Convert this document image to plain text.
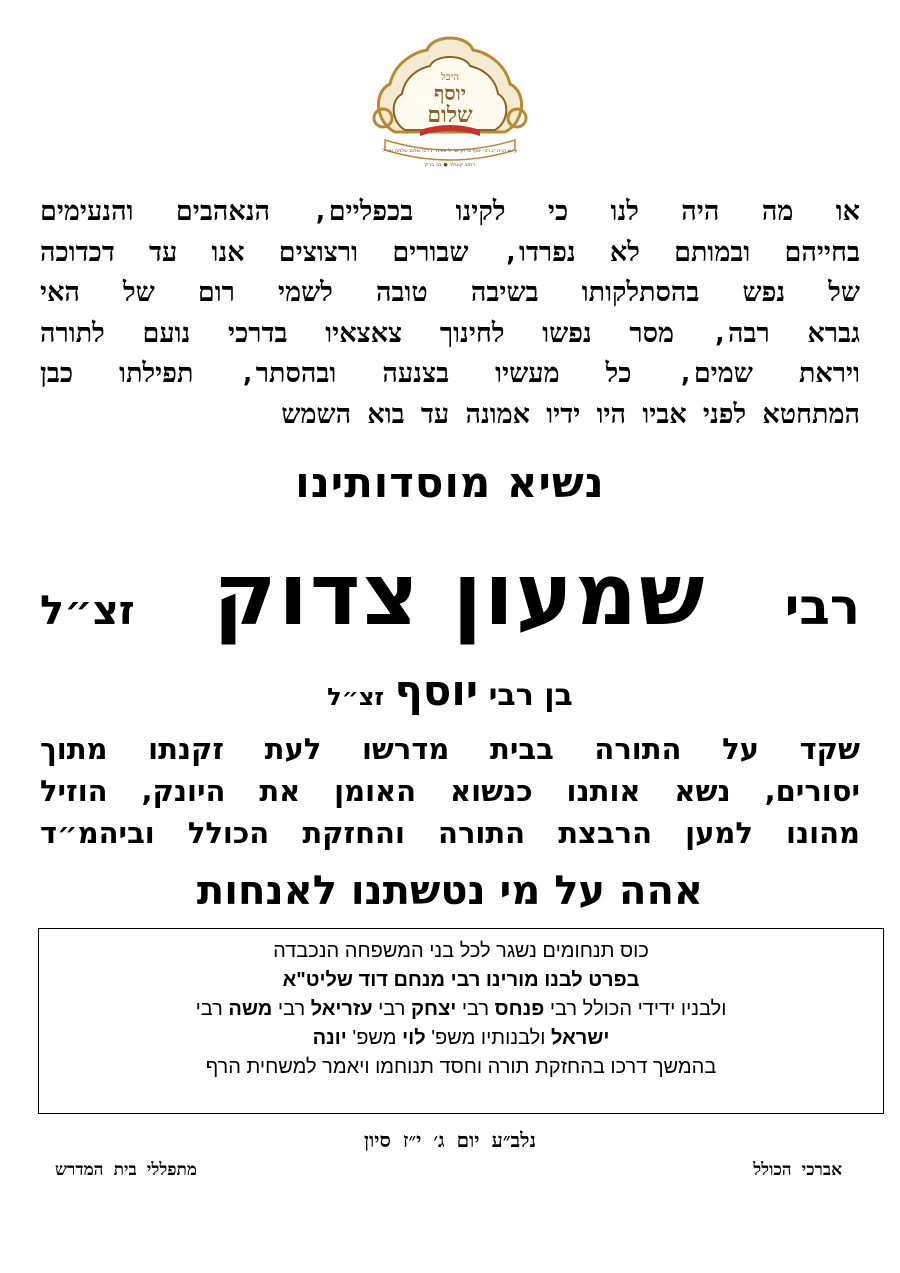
היכל
יוסף
שלום
ע״ש הרה״ג רבי יוסף צדוק זצ״ל והרה״ג רבי שלום שלמה זצ״ל
רחוב קוטלר ● בני ברק
או מה היה לנו כי לקינו בכפליים, הנאהבים והנעימים
בחייהם ובמותם לא נפרדו, שבורים ורצוצים אנו עד דכדוכה
של נפש בהסתלקותו בשיבה טובה לשמי רום של האי
גברא רבה, מסר נפשו לחינוך צאצאיו בדרכי נועם לתורה
ויראת שמים, כל מעשיו בצנעה ובהסתר, תפילתו כבן
המתחטא לפני אביו היו ידיו אמונה עד בוא השמש
נשיא מוסדותינו
רבי
שמעון צדוק
זצ״ל
בן רבי יוסף זצ״ל
שקד על התורה בבית מדרשו לעת זקנתו מתוך
יסורים, נשא אותנו כנשוא האומן את היונק, הוזיל
מהונו למען הרבצת התורה והחזקת הכולל וביהמ״ד
אהה על מי נטשתנו לאנחות
כוס תנחומים נשגר לכל בני המשפחה הנכבדה
בפרט לבנו מורינו רבי מנחם דוד שליט"א
ולבניו ידידי הכולל רבי פנחס רבי יצחק רבי עזריאל רבי משה רבי
ישראל ולבנותיו משפ' לוי משפ' יונה
בהמשך דרכו בהחזקת תורה וחסד תנוחמו ויאמר למשחית הרף
נלב״ע יום ג׳ י״ז סיון
אברכי הכולל
מתפללי בית המדרש
